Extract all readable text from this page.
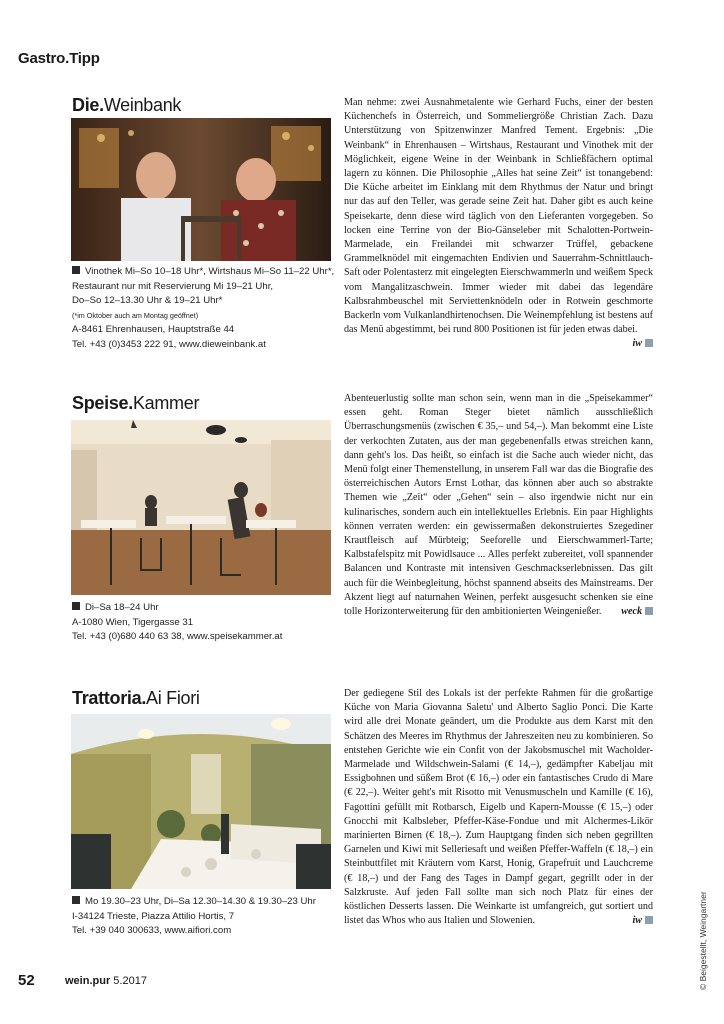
Gastro.Tipp
Die.Weinbank
Vinothek Mi–So 10–18 Uhr*, Wirtshaus Mi–So 11–22 Uhr*,
Restaurant nur mit Reservierung Mi 19–21 Uhr,
Do–So 12–13.30 Uhr & 19–21 Uhr*
(*im Oktober auch am Montag geöffnet)
A-8461 Ehrenhausen, Hauptstraße 44
Tel. +43 (0)3453 222 91, www.dieweinbank.at
Man nehme: zwei Ausnahmetalente wie Gerhard Fuchs, einer der besten Küchenchefs in Österreich, und Sommeliergröße Christian Zach. Dazu Unterstützung von Spitzenwinzer Manfred Tement. Ergebnis: „Die Weinbank“ in Ehrenhausen – Wirtshaus, Restaurant und Vinothek mit der Möglichkeit, eigene Weine in der Weinbank in Schließfächern optimal lagern zu können. Die Philosophie „Alles hat seine Zeit“ ist tonangebend: Die Küche arbeitet im Einklang mit dem Rhythmus der Natur und bringt nur das auf den Teller, was gerade seine Zeit hat. Daher gibt es auch keine Speisekarte, denn diese wird täglich von den Lieferanten vorgegeben. So locken eine Terrine von der Bio-Gänseleber mit Schalotten-Portwein-Marmelade, ein Freilandei mit schwarzer Trüffel, gebackene Grammelknödel mit eingemachten Endivien und Sauerrahm-Schnittlauch-Saft oder Polentasterz mit eingelegten Eierschwammerln und weißem Speck vom Mangalitzaschwein. Immer wieder mit dabei das legendäre Kalbsrahmbeuschel mit Serviettenknödeln oder in Rotwein geschmorte Backerln vom Vulkanlandhirtenochsen. Die Weinempfehlung ist bestens auf das Menü abgestimmt, bei rund 800 Positionen ist für jeden etwas dabei.
iw
Speise.Kammer
Di–Sa 18–24 Uhr
A-1080 Wien, Tigergasse 31
Tel. +43 (0)680 440 63 38, www.speisekammer.at
Abenteuerlustig sollte man schon sein, wenn man in die „Speisekammer“ essen geht. Roman Steger bietet nämlich ausschließlich Überraschungsmenüs (zwischen € 35,– und 54,–). Man bekommt eine Liste der verkochten Zutaten, aus der man gegebenenfalls etwas streichen kann, dann geht's los. Das heißt, so einfach ist die Sache auch wieder nicht, das Menü folgt einer Themenstellung, in unserem Fall war das die Biografie des österreichischen Autors Ernst Lothar, das können aber auch so abstrakte Themen wie „Zeit“ oder „Gehen“ sein – also irgendwie nicht nur ein kulinarisches, sondern auch ein intellektuelles Erlebnis. Ein paar Highlights können verraten werden: ein gewissermaßen dekonstruiertes Szegediner Krautfleisch auf Mürbteig; Seeforelle und Eierschwammerl-Tarte; Kalbstafelspitz mit Powidlsauce ... Alles perfekt zubereitet, voll spannender Balancen und Kontraste mit intensiven Geschmackserlebnissen. Das gilt auch für die Weinbegleitung, höchst spannend abseits des Mainstreams. Der Akzent liegt auf naturnahen Weinen, perfekt ausgesucht schenken sie eine tolle Horizonterweiterung für den ambitionierten Weingenießer. weck
Trattoria.Ai Fiori
Mo 19.30–23 Uhr, Di–Sa 12.30–14.30 & 19.30–23 Uhr
I-34124 Trieste, Piazza Attilio Hortis, 7
Tel. +39 040 300633, www.aifiori.com
Der gediegene Stil des Lokals ist der perfekte Rahmen für die großartige Küche von Maria Giovanna Saletu' und Alberto Saglio Ponci. Die Karte wird alle drei Monate geändert, um die Produkte aus dem Karst mit den Schätzen des Meeres im Rhythmus der Jahreszeiten neu zu kombinieren. So entstehen Gerichte wie ein Confit von der Jakobsmuschel mit Wacholder-Marmelade und Wildschwein-Salami (€ 14,–), gedämpfter Kabeljau mit Essigbohnen und süßem Brot (€ 16,–) oder ein fantastisches Crudo di Mare (€ 22,–). Weiter geht's mit Risotto mit Venusmuscheln und Kamille (€ 16), Fagottini gefüllt mit Rotbarsch, Eigelb und Kapern-Mousse (€ 15,–) oder Gnocchi mit Kalbsleber, Pfeffer-Käse-Fondue und mit Alchermes-Likör marinierten Birnen (€ 18,–). Zum Hauptgang finden sich neben gegrillten Garnelen und Kiwi mit Selleriesaft und weißen Pfeffer-Waffeln (€ 18,–) ein Steinbuttfilet mit Kräutern vom Karst, Honig, Grapefruit und Lauchcreme (€ 18,–) und der Fang des Tages in Dampf gegart, gegrillt oder in der Salzkruste. Auf jeden Fall sollte man sich noch Platz für eines der köstlichen Desserts lassen. Die Weinkarte ist umfangreich, gut sortiert und listet das Whos who aus Italien und Slowenien.	iw	© Beigestellt, Weingartner
52	wein.pur 5.2017
